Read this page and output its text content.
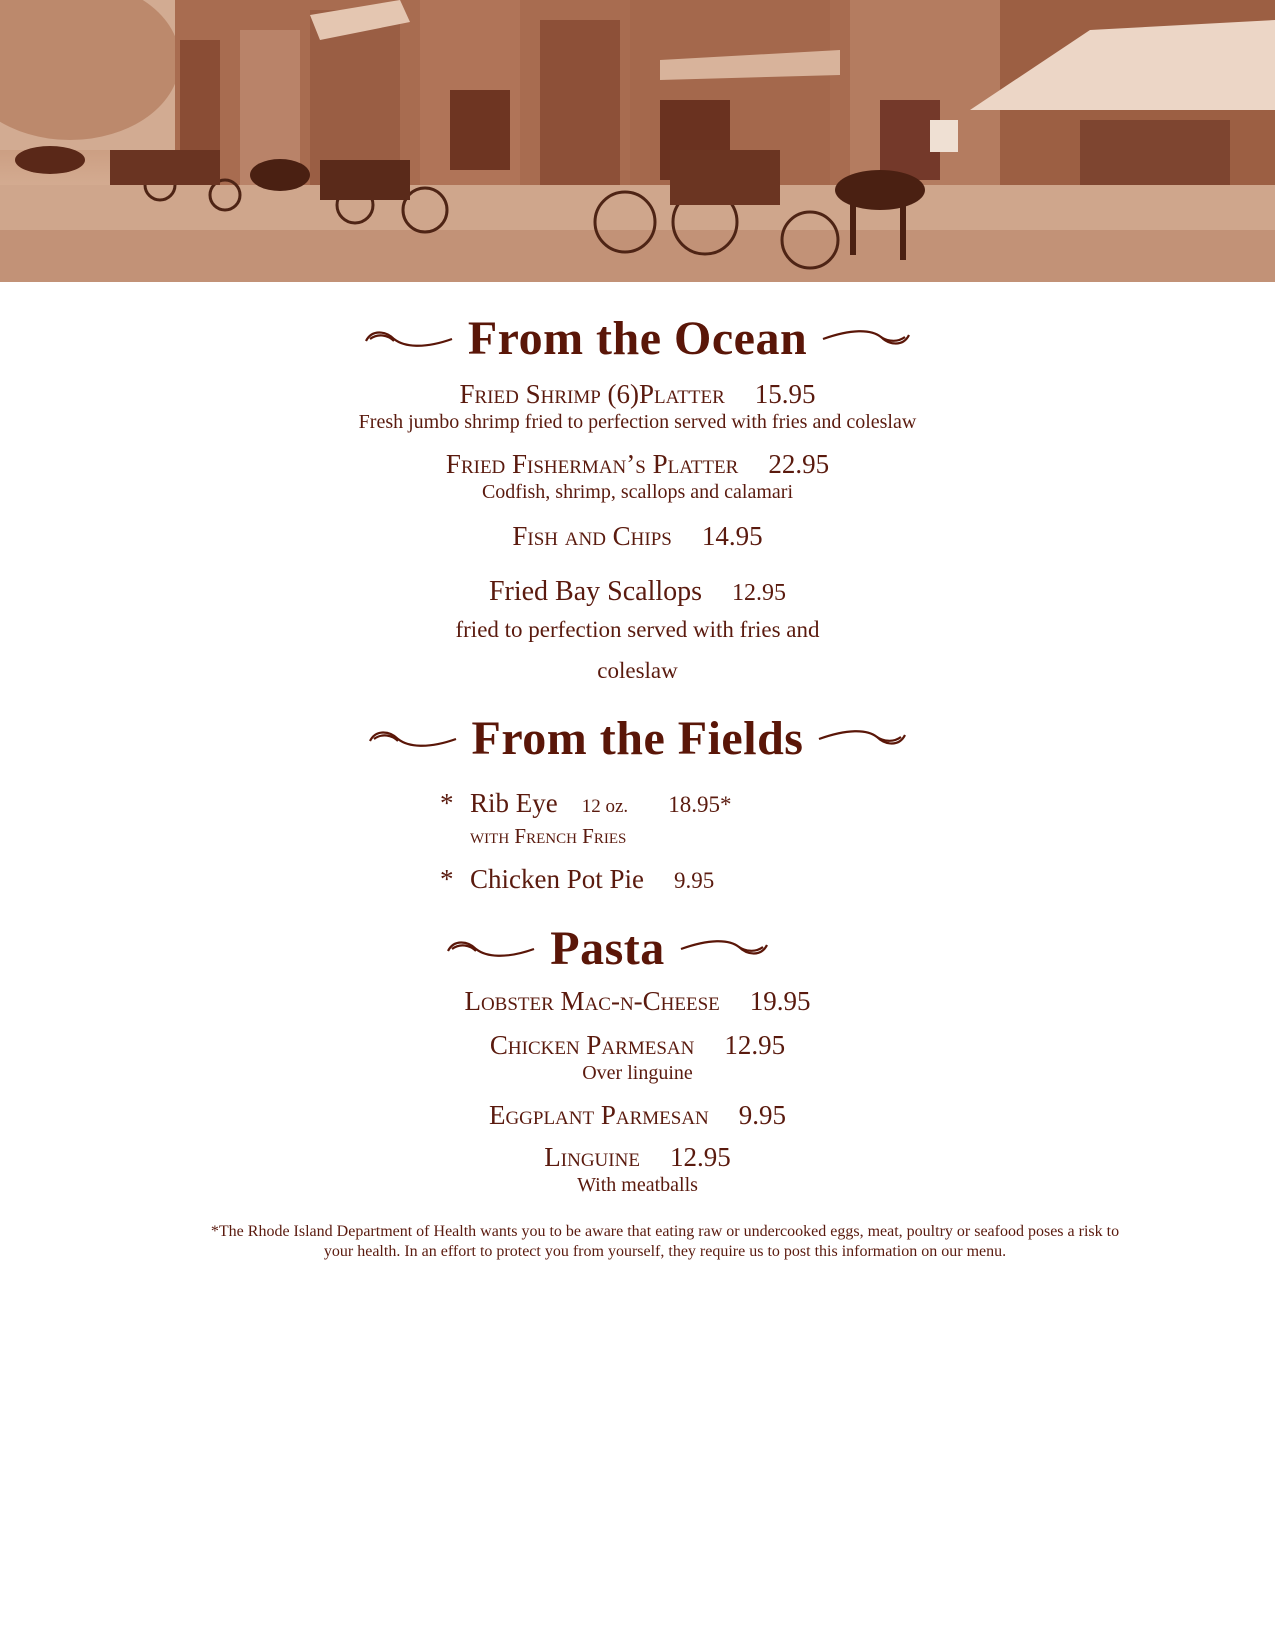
From the Ocean
Fried Shrimp (6)Platter 15.95
Fresh jumbo shrimp fried to perfection served with fries and coleslaw
Fried Fisherman’s Platter 22.95
Codfish, shrimp, scallops and calamari
Fish and Chips 14.95
Fried Bay Scallops 12.95
fried to perfection served with fries and
coleslaw
From the Fields
* Rib Eye 12 oz. 18.95*
with French Fries
* Chicken Pot Pie 9.95
Pasta
Lobster Mac-n-Cheese 19.95
Chicken Parmesan 12.95
Over linguine
Eggplant Parmesan 9.95
Linguine 12.95
With meatballs
*The Rhode Island Department of Health wants you to be aware that eating raw or undercooked eggs, meat, poultry or seafood poses a risk to your health. In an effort to protect you from yourself, they require us to post this information on our menu.
